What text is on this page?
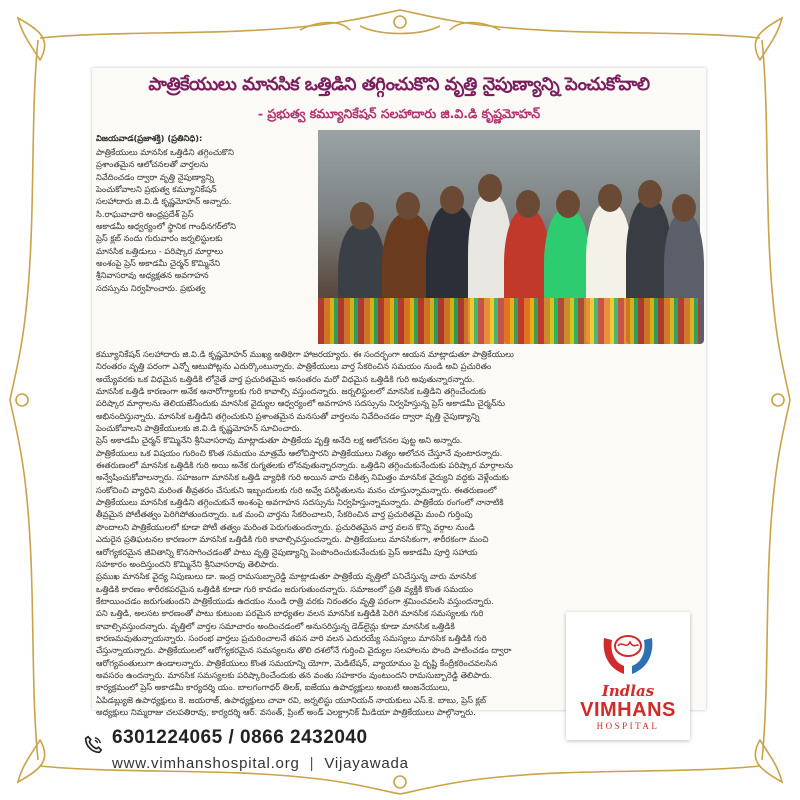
పాత్రికేయులు మానసిక ఒత్తిడిని తగ్గించుకొని వృత్తి నైపుణ్యాన్ని పెంచుకోవాలి
- ప్రభుత్వ కమ్యూనికేషన్ సలహాదారు జి.వి.డి కృష్ణమోహన్
విజయవాడ(ప్రజాశక్తి) (ప్రతినిధి):
పాత్రికేయులు మానసిక ఒత్తిడిని తగ్గించుకొని
ప్రశాంతమైన ఆలోచనలతో వార్తలను
నివేదించడం ద్వారా వృత్తి నైపుణ్యాన్ని
పెంచుకోవాలని ప్రభుత్వ కమ్యూనికేషన్
సలహాదారు జి.వి.డి కృష్ణమోహన్ అన్నారు.
సి.రాఘవాచారి ఆంధ్రప్రదేశ్ ప్రెస్
అకాడమీ ఆధ్వర్యంలో స్థానిక గాంధీనగర్‌లోని
ప్రెస్ క్లబ్ నందు గురువారం జర్నలిస్టులకు
మానసిక ఒత్తిడులు - పరిష్కార మార్గాలు
అంశంపై ప్రెస్ అకాడమీ చైర్మన్ కొమ్మినేని
శ్రీనివాసరావు అధ్యక్షతన అవగాహన
సదస్సును నిర్వహించారు. ప్రభుత్వ
కమ్యూనికేషన్ సలహాదారు జి.వి.డి కృష్ణమోహన్ ముఖ్య అతిథిగా హాజరయ్యారు. ఈ సందర్భంగా ఆయన మాట్లాడుతూ పాత్రికేయులు
నిరంతరం వృత్తి పరంగా ఎన్నో ఆటుపోట్లను ఎదుర్కొంటున్నారు. పాత్రికేయులు వార్త సేకరించిన సమయం నుండి అవి ప్రచురితం
అయ్యేవరకు ఒక విధమైన ఒత్తిడికి లోనైతే వార్త ప్రచురితమైన అనంతరం మరో విధమైన ఒత్తిడికి గురి అవుతున్నారన్నారు.
మానసిక ఒత్తిడి కారణంగా అనేక అనారోగ్యాలకు గురి కావాల్సి వస్తుందన్నారు. జర్నలిస్టులలో మానసిక ఒత్తిడిని తగ్గించేందుకు
పరిష్కార మార్గాలను తెలియజేసేందుకు మానసిక వైద్యుల ఆధ్వర్యంలో అవగాహన సదస్సును నిర్వహిస్తున్న ప్రెస్ అకాడమీ చైర్మన్‌ను
అభినందిస్తున్నారు. మానసిక ఒత్తిడిని తగ్గించుకుని ప్రశాంతమైన మనసుతో వార్తలను నివేదించడం ద్వారా వృత్తి నైపుణ్యాన్ని
పెంచుకోవాలని పాత్రికేయులకు జి.వి.డి కృష్ణమోహన్ సూచించారు.
ప్రెస్ అకాడమీ చైర్మన్ కొమ్మినేని శ్రీనివాసరావు మాట్లాడుతూ పాత్రికేయ వృత్తి అనేది లక్ష ఆలోచనల పుట్ట అని అన్నారు.
పాత్రికేయులు ఒక విషయం గురించి కొంత సమయం మాత్రమే ఆలోచిస్తారని పాత్రికేయులు నిత్యం ఆలోచన చేస్తూనే వుంటారన్నారు.
ఈతరుణంలో మానసిక ఒత్తిడికి గురి అయి అనేక రుగ్మతలకు లోనవుతున్నారన్నారు. ఒత్తిడిని తగ్గించుకునేందుకు పరిష్కార మార్గాలను
అన్వేషించుకోవాలన్నారు. సహజంగా మానసిక ఒత్తిడి వ్యాధికి గురి అయిన వారు చికిత్స నిమిత్తం మానసిక వైద్యుని వద్దకు వెళ్లేందుకు
సంకోచించి వ్యాధిని మరింత తీవ్రతరం చేసుకుని ఇబ్బందులకు గురి అవ్వే పరిస్థితులను మనం చూస్తున్నామన్నారు. ఈతరుణంలో
పాత్రికేయులు మానసిక ఒత్తిడిని తగ్గించుకునే అంశంపై అవగాహన సదస్సును నిర్వహిస్తున్నామన్నారు. పాత్రికేయ రంగంలో నానాటికి
తీవ్రమైన పోటీతత్వం పెరిగిపోతుందన్నారు. ఒక మంచి వార్తను సేకరించాలని, సేకరించిన వార్త ప్రచురితమై మంచి గుర్తింపు
పొందాలని పాత్రికేయులలో కూడా పోటీ తత్వం మరింత పెరుగుతుందన్నారు. ప్రచురితమైన వార్త వలన కొన్ని వర్గాల నుండి
ఎదురైన ప్రతిఘటనల కారణంగా మానసిక ఒత్తిడికి గురి కావాల్సివస్తుందన్నారు. పాత్రికేయులు మానసికంగా, శారీరకంగా మంచి
ఆరోగ్యకరమైన జీవితాన్ని కొనసాగించడంతో పాటు వృత్తి నైపుణ్యాన్ని పెంపొందించుకునేందుకు ప్రెస్ అకాడమీ పూర్తి సహాయ
సహకారం అందిస్తుందని కొమ్మినేని శ్రీనివాసరావు తెలిపారు.
ప్రముఖ మానసిక వైద్య నిపుణులు డా. ఇంద్ర రామసుబ్బారెడ్డి మాట్లాడుతూ పాత్రికేయ వృత్తిలో పనిచేస్తున్న వారు మానసిక
ఒత్తిడికి కారణం శారీరకపరమైన ఒత్తిడికి కూడా గురి కావడం జరుగుతుందన్నారు. సమాజంలో ప్రతి వ్యక్తికి కొంత సమయం
కేటాయించడం జరుగుతుందని పాత్రికేయుడు ఉదయం నుండి రాత్రి వరకు నిరంతరం వృత్తి పరంగా శ్రమించవలసి వస్తుందన్నారు.
పని ఒత్తిడి, అలసట కారణంతో పాటు కుటుంబ పరమైన బాధ్యతల వలన మానసిక ఒత్తిడికి పెరిగి మానసిక సమస్యలకు గురి
కావాల్సివస్తుందన్నారు. వృత్తిలో వార్తల సమాచారం అందించడంలో అనుసరిస్తున్న డెడ్‌లైన్లు కూడా మానసిక ఒత్తిడికి
కారణమవుతున్నాయన్నారు. సంరంభ వార్తలు ప్రచురించాలనే తపన వారి వలన ఎదురయ్యే సమస్యలు మానసిక ఒత్తిడికి గురి
చేస్తున్నాయన్నారు. పాత్రికేయులలో ఆరోగ్యకరమైన సమస్యలను తొలి దశలోనే గుర్తించి వైద్యుల సలహాలను పొంది పాటించడం ద్వారా
ఆరోగ్యవంతులుగా ఉండాలన్నారు. పాత్రికేయులు కొంత సమయాన్ని యోగా, మెడిటేషన్, వ్యాయామం పై దృష్టి కేంద్రీకరించవలసిన
అవసరం ఉందన్నారు. మానసిక సమస్యలకు పరిష్కారించేందుకు తన వంతు సహకారం వుంటుందని రామసుబ్బారెడ్డి తెలిపారు.
కార్యక్రమంలో ప్రెస్ అకాడమీ కార్యదర్శి యం. బాలగంగాధర్ తిలక్, ఐజేయు ఉపాధ్యక్షులు అంబటి ఆంజనేయులు,
ఏపిడబ్ల్యుజె ఉపాధ్యక్షులు కె. జయరాజ్, ఉపాధ్యక్షులు చావా రవి, జర్నలిస్టు యూనియన్ నాయకులు ఎస్.కె. బాబు, ప్రెస్ క్లబ్
అధ్యక్షులు నిమ్మరాజు చలపతిరావు, కార్యదర్శి ఆర్. వసంత్, ప్రింట్ అండ్ ఎలక్ట్రానిక్ మీడియా పాత్రికేయులు పాల్గొన్నారు.
Indlas
VIMHANS
HOSPITAL
6301224065 / 0866 2432040
www.vimhanshospital.org | Vijayawada
